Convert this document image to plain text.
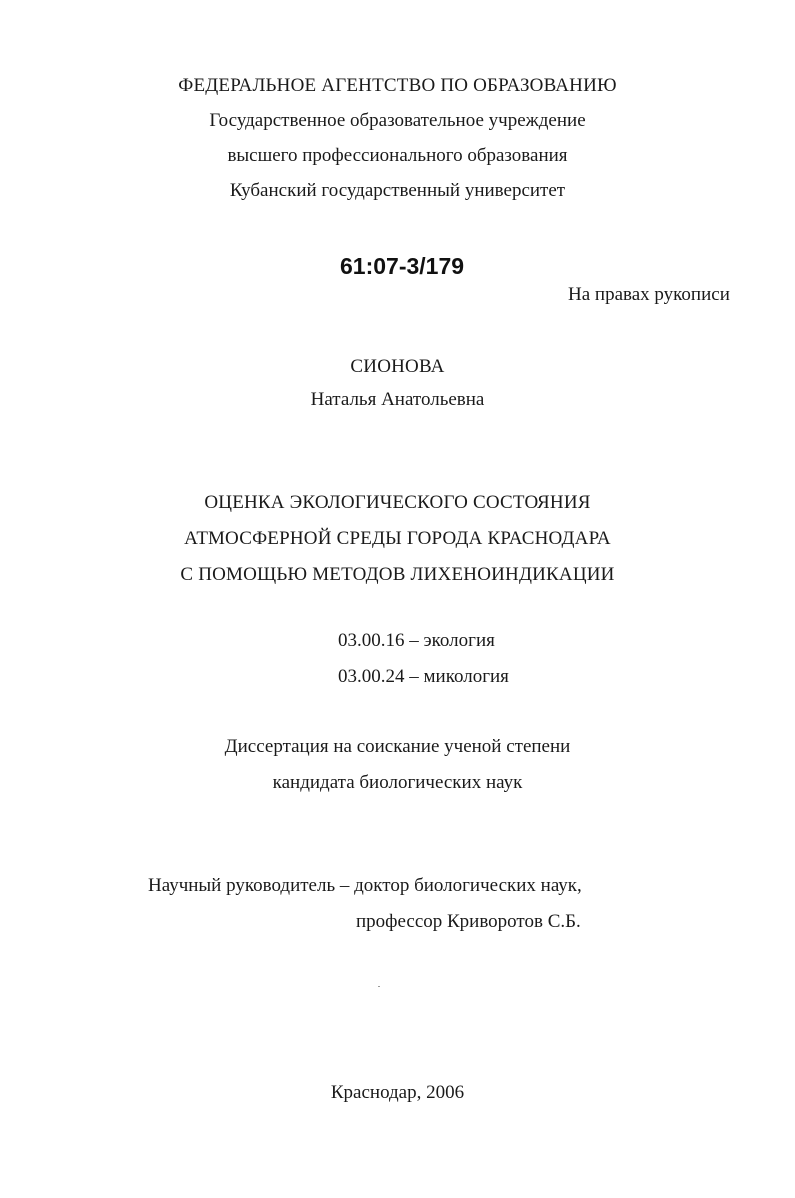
ФЕДЕРАЛЬНОЕ АГЕНТСТВО ПО ОБРАЗОВАНИЮ
Государственное образовательное учреждение
высшего профессионального образования
Кубанский государственный университет
61:07-3/179
На правах рукописи
СИОНОВА
Наталья Анатольевна
ОЦЕНКА ЭКОЛОГИЧЕСКОГО СОСТОЯНИЯ
АТМОСФЕРНОЙ СРЕДЫ ГОРОДА КРАСНОДАРА
С ПОМОЩЬЮ МЕТОДОВ ЛИХЕНОИНДИКАЦИИ
03.00.16 – экология
03.00.24 – микология
Диссертация на соискание ученой степени
кандидата биологических наук
Научный руководитель – доктор биологических наук,
профессор Криворотов С.Б.
Краснодар, 2006
